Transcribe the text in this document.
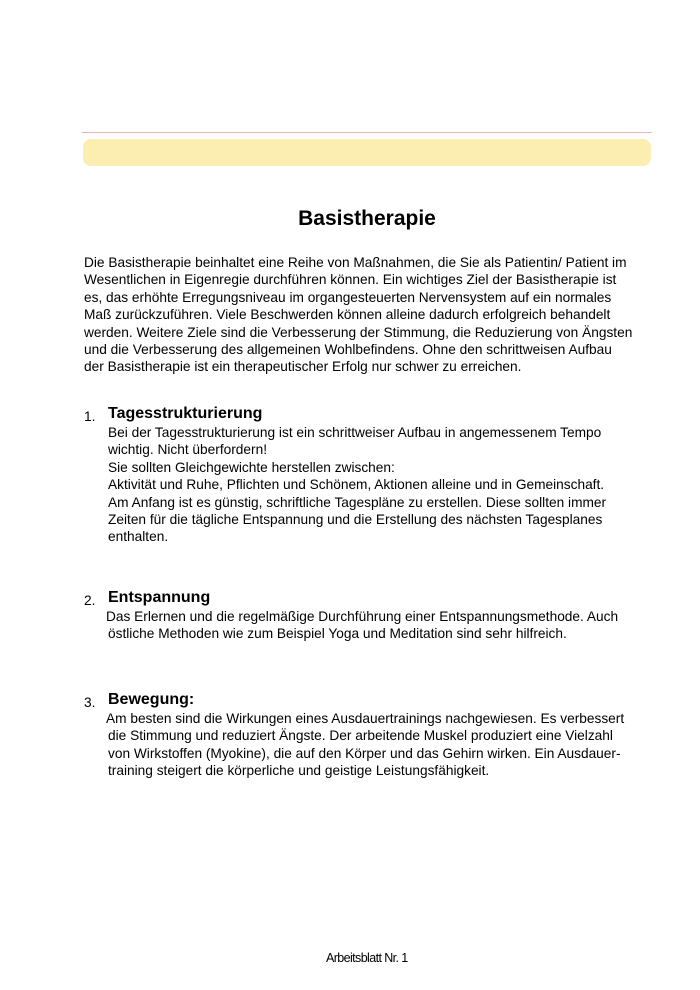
Basistherapie

Die Basistherapie beinhaltet eine Reihe von Maßnahmen, die Sie als Patientin/ Patient im
Wesentlichen in Eigenregie durchführen können. Ein wichtiges Ziel der Basistherapie ist
es, das erhöhte Erregungsniveau im organgesteuerten Nervensystem auf ein normales
Maß zurückzuführen. Viele Beschwerden können alleine dadurch erfolgreich behandelt
werden. Weitere Ziele sind die Verbesserung der Stimmung, die Reduzierung von Ängsten
und die Verbesserung des allgemeinen Wohlbefindens. Ohne den schrittweisen Aufbau
der Basistherapie ist ein therapeutischer Erfolg nur schwer zu erreichen.

1. Tagesstrukturierung

Bei der Tagesstrukturierung ist ein schrittweiser Aufbau in angemessenem Tempo
wichtig. Nicht überfordern!
Sie sollten Gleichgewichte herstellen zwischen:
Aktivität und Ruhe, Pflichten und Schönem, Aktionen alleine und in Gemeinschaft.
Am Anfang ist es günstig, schriftliche Tagespläne zu erstellen. Diese sollten immer
Zeiten für die tägliche Entspannung und die Erstellung des nächsten Tagesplanes
enthalten.

2. Entspannung

Das Erlernen und die regelmäßige Durchführung einer Entspannungsmethode. Auch
östliche Methoden wie zum Beispiel Yoga und Meditation sind sehr hilfreich.

3. Bewegung:

Am besten sind die Wirkungen eines Ausdauertrainings nachgewiesen. Es verbessert
die Stimmung und reduziert Ängste. Der arbeitende Muskel produziert eine Vielzahl
von Wirkstoffen (Myokine), die auf den Körper und das Gehirn wirken. Ein Ausdauer-
training steigert die körperliche und geistige Leistungsfähigkeit.

Arbeitsblatt Nr. 1
